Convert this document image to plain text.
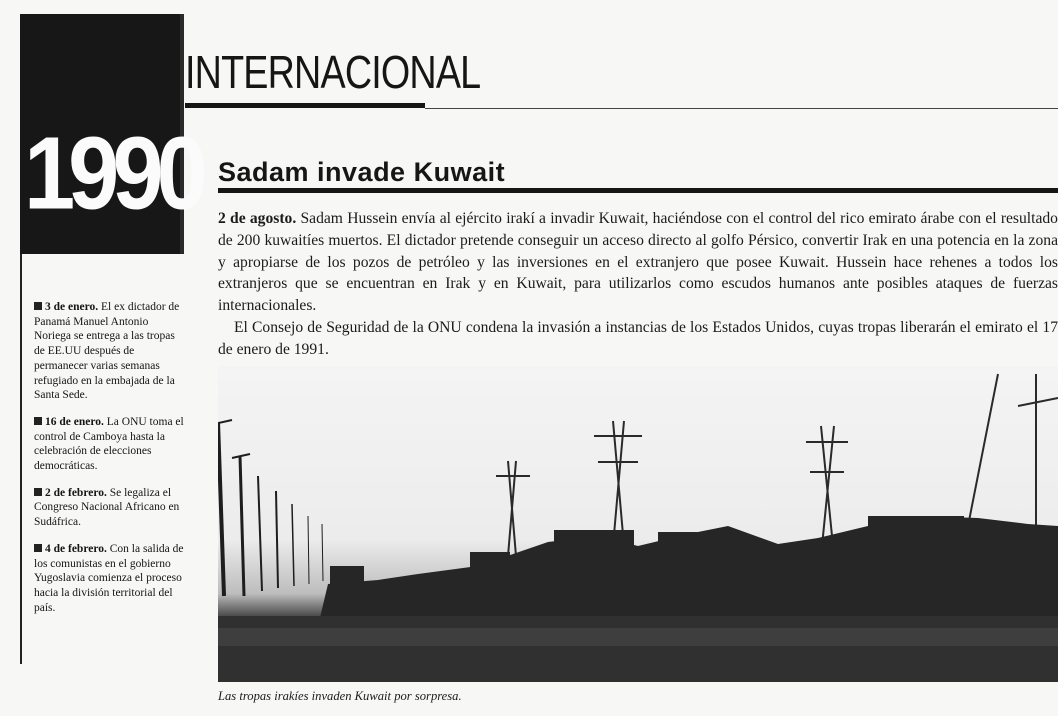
1990
3 de enero. El ex dictador de Panamá Manuel Antonio Noriega se entrega a las tropas de EE.UU después de permanecer varias semanas refugiado en la embajada de la Santa Sede.
16 de enero. La ONU toma el control de Camboya hasta la celebración de elecciones democráticas.
2 de febrero. Se legaliza el Congreso Nacional Africano en Sudáfrica.
4 de febrero. Con la salida de los comunistas en el gobierno Yugoslavia comienza el proceso hacia la división territorial del país.
INTERNACIONAL
Sadam invade Kuwait

2 de agosto. Sadam Hussein envía al ejército irakí a invadir Kuwait, haciéndose con el control del rico emirato árabe con el resultado de 200 kuwaitíes muertos. El dictador pretende conseguir un acceso directo al golfo Pérsico, convertir Irak en una potencia en la zona y apropiarse de los pozos de petróleo y las inversiones en el extranjero que posee Kuwait. Hussein hace rehenes a todos los extranjeros que se encuentran en Irak y en Kuwait, para utilizarlos como escudos humanos ante posibles ataques de fuerzas internacionales.

El Consejo de Seguridad de la ONU condena la invasión a instancias de los Estados Unidos, cuyas tropas liberarán el emirato el 17 de enero de 1991.

Las tropas irakíes invaden Kuwait por sorpresa.
